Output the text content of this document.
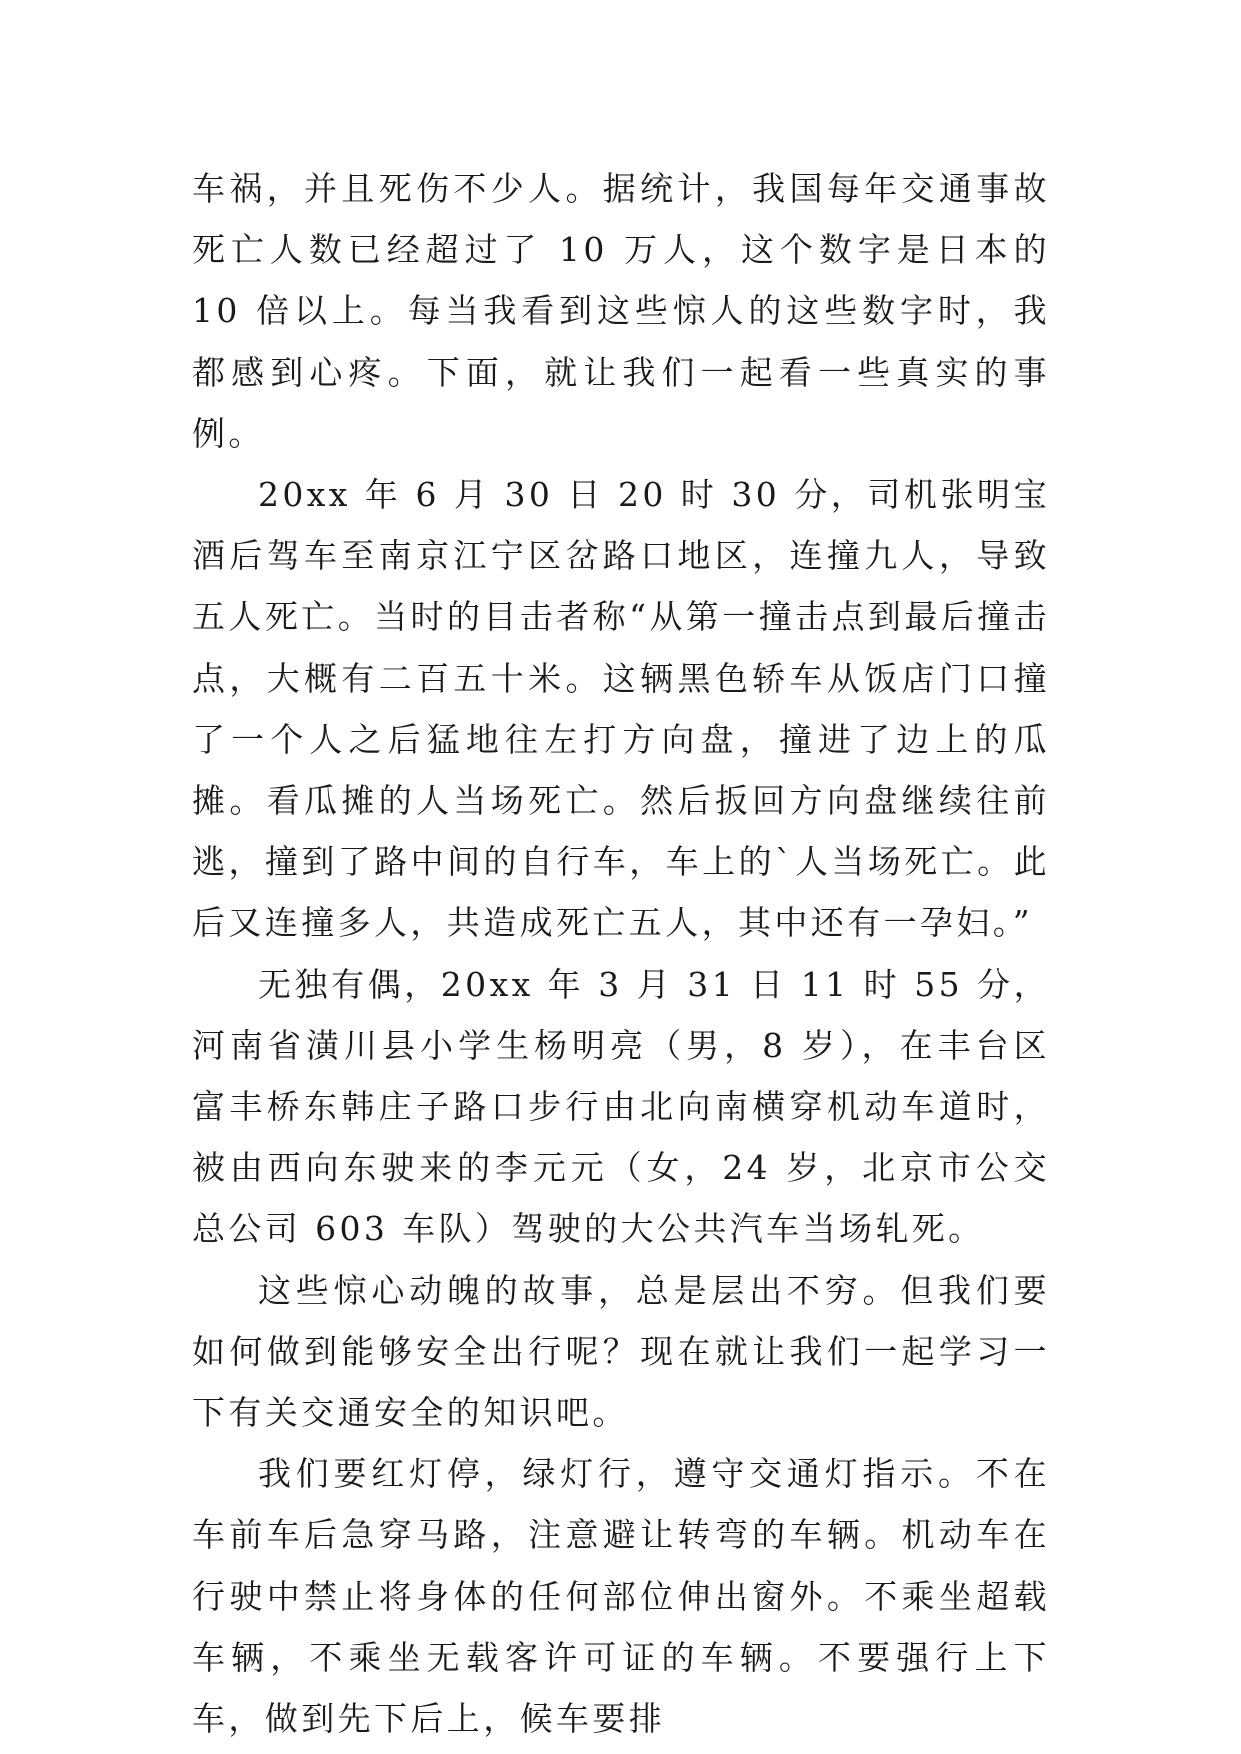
车祸，并且死伤不少人。据统计，我国每年交通事故死亡人数已经超过了 10 万人，这个数字是日本的 10 倍以上。每当我看到这些惊人的这些数字时，我都感到心疼。下面，就让我们一起看一些真实的事例。

20xx 年 6 月 30 日 20 时 30 分，司机张明宝酒后驾车至南京江宁区岔路口地区，连撞九人，导致五人死亡。当时的目击者称“从第一撞击点到最后撞击点，大概有二百五十米。这辆黑色轿车从饭店门口撞了一个人之后猛地往左打方向盘，撞进了边上的瓜摊。看瓜摊的人当场死亡。然后扳回方向盘继续往前逃，撞到了路中间的自行车，车上的`人当场死亡。此后又连撞多人，共造成死亡五人，其中还有一孕妇。”

无独有偶，20xx 年 3 月 31 日 11 时 55 分，河南省潢川县小学生杨明亮（男，8 岁），在丰台区富丰桥东韩庄子路口步行由北向南横穿机动车道时，被由西向东驶来的李元元（女，24 岁，北京市公交总公司 603 车队）驾驶的大公共汽车当场轧死。

这些惊心动魄的故事，总是层出不穷。但我们要如何做到能够安全出行呢？现在就让我们一起学习一下有关交通安全的知识吧。

我们要红灯停，绿灯行，遵守交通灯指示。不在车前车后急穿马路，注意避让转弯的车辆。机动车在行驶中禁止将身体的任何部位伸出窗外。不乘坐超载车辆，不乘坐无载客许可证的车辆。不要强行上下车，做到先下后上，候车要排
